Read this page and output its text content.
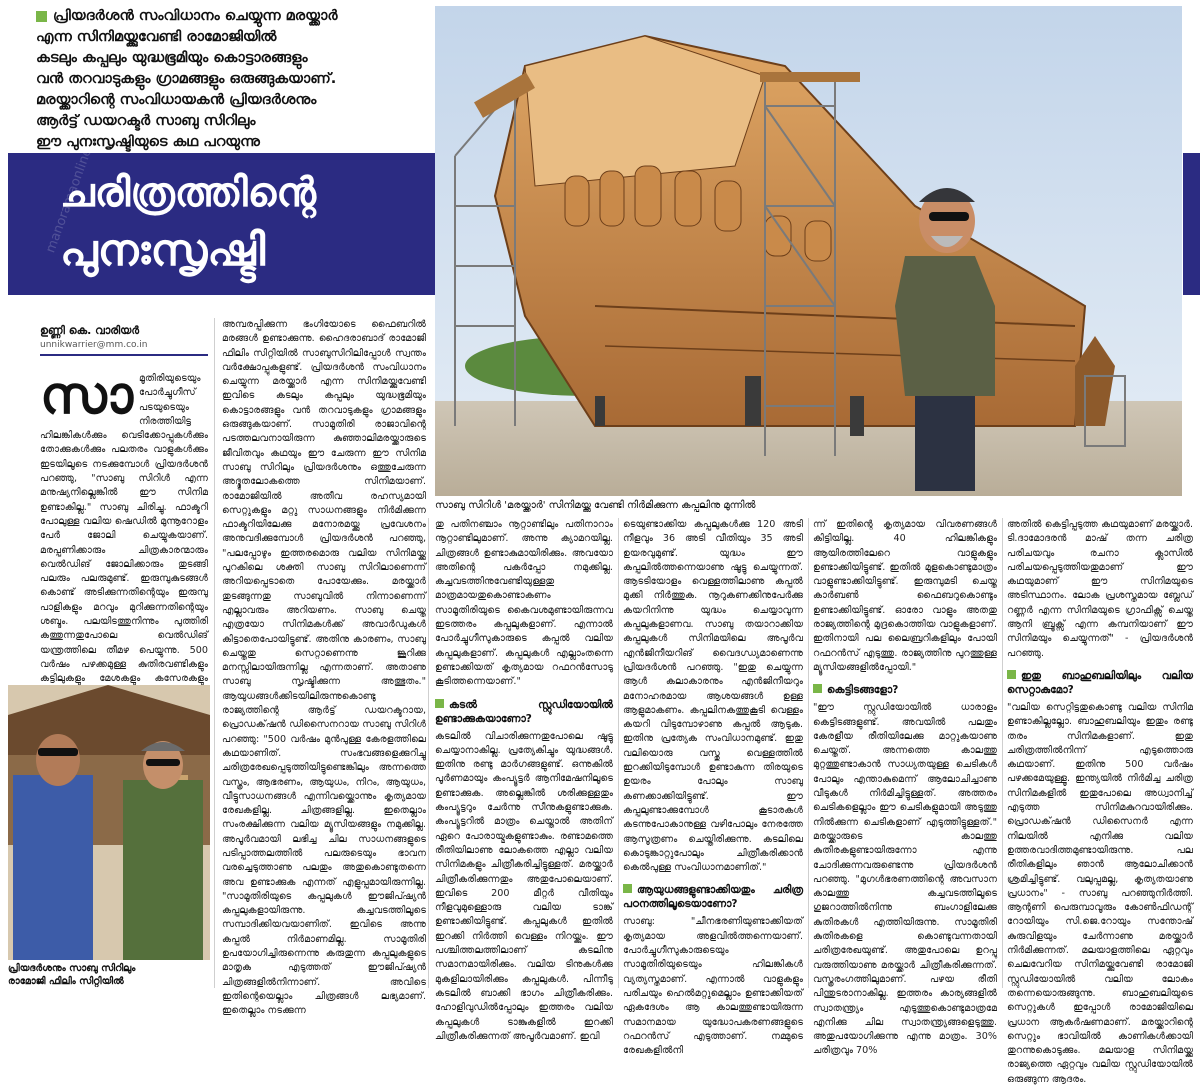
പ്രിയദർശൻ സംവിധാനം ചെയ്യുന്ന മരയ്ക്കാർ
എന്ന സിനിമയ്ക്കുവേണ്ടി രാമോജിയിൽ
കടലും കപ്പലും യുദ്ധഭൂമിയും കൊട്ടാരങ്ങളും
വൻ തറവാടുകളും ഗ്രാമങ്ങളും ഒരുങ്ങുകയാണ്.
മരയ്ക്കാറിന്റെ സംവിധായകൻ പ്രിയദർശനും
ആർട്ട് ഡയറക്ടർ സാബു സിറിലും
ഈ പുനഃസൃഷ്ടിയുടെ കഥ പറയുന്നു
manoramaonline
ചരിത്രത്തിന്റെ
പുനഃസൃഷ്ടി
സാബു സിറിൾ 'മരയ്ക്കാർ' സിനിമയ്ക്കു വേണ്ടി നിർമിക്കുന്ന കപ്പലിനു മുന്നിൽ
ഉണ്ണി കെ. വാരിയർ
unnikwarrier@mm.co.in
സാ മൂതിരിയുടെയും പോർച്ചുഗീസ് പടയുടെയും നിരത്തിയിട്ട ഹിലങ്കികൾക്കും വെടിക്കോപ്പുകൾക്കും തോക്കുകൾക്കും പലതരം വാളുകൾക്കും ഇടയിലൂടെ നടക്കുമ്പോൾ പ്രിയദർശൻ പറഞ്ഞു, "സാബു സിറിൾ എന്ന മനുഷ്യനില്ലെങ്കിൽ ഈ സിനിമ ഉണ്ടാകില്ല." സാബു ചിരിച്ചു. ഫാക്ടറി പോലുള്ള വലിയ ഷെഡിൽ മുന്നൂറോളം പേർ ജോലി ചെയ്യുകയാണ്. മരപ്പണിക്കാരും ചിത്രകാരന്മാരും വെൽഡിങ് ജോലിക്കാരും തുടങ്ങി പലരും പലരുമുണ്ട്. ഇരുമ്പുകുടങ്ങൾ കൊണ്ട് അടിക്കുന്നതിന്റെയും ഇരുമ്പു പാളികളും മറവും മുറിക്കുന്നതിന്റെയും ശബ്ദം. പലയിടത്തുനിന്നും പുത്തിരി കത്തുന്നതുപോലെ വെൽഡിങ് യന്ത്രത്തിലെ തീമഴ പെയ്യുന്നു. 500 വർഷം പഴക്കമുള്ള കുതിരവണ്ടികളും കട്ടിലുകളും മേശകളും കസേരകളും
പ്രിയദർശനും സാബു സിറിലും
രാമോജി ഫിലിം സിറ്റിയിൽ
അമ്പരപ്പിക്കുന്ന ഭംഗിയോടെ ഫൈബറിൽ മരങ്ങൾ ഉണ്ടാക്കുന്നു. ഹൈദരാബാദ് രാമോജി ഫിലിം സിറ്റിയിൽ സാബുസിറിലിപ്പോൾ സ്വന്തം വർക്ഷോപ്പുകളുണ്ട്. പ്രിയദർശൻ സംവിധാനം ചെയ്യുന്ന മരയ്ക്കാർ എന്ന സിനിമയ്ക്കുവേണ്ടി ഇവിടെ കടലും കപ്പലും യുദ്ധഭൂമിയും കൊട്ടാരങ്ങളും വൻ തറവാടുകളും ഗ്രാമങ്ങളും ഒരുങ്ങുകയാണ്. സാമൂതിരി രാജാവിന്റെ പടത്തലവനായിരുന്ന കുഞ്ഞാലിമരയ്ക്കാരുടെ ജീവിതവും കഥയും ഈ ചേരുന്ന ഈ സിനിമ സാബു സിറിലും പ്രിയദർശനും ഒത്തുചേരുന്ന അദ്ഭുതലോകത്തെ സിനിമയാണ്. രാമോജിയിൽ അതീവ രഹസ്യമായി സെറ്റുകളും മറ്റു സാധനങ്ങളും നിർമിക്കുന്ന ഫാക്ടറിയിലേക്കു മനോരമയ്ക്കു പ്രവേശനം അനുവദിക്കുമ്പോൾ പ്രിയദർശൻ പറഞ്ഞു, "പലപ്പോഴും ഇത്തരമൊരു വലിയ സിനിമയ്ക്കു പുറകിലെ ശക്തി സാബു സിറിലാണെന്ന് അറിയപ്പെടാതെ പോയേക്കും. മരയ്ക്കാർ തുടങ്ങുന്നതു സാബുവിൽ നിന്നാണെന്ന് എല്ലാവരും അറിയണം. സാബു ചെയ്ത എത്രയോ സിനിമകൾക്ക് അവാർഡുകൾ കിട്ടാതെപോയിട്ടുണ്ട്. അതിനു കാരണം, സാബു ചെയ്തതു സെറ്റാണെന്നു ജൂറിക്കു മനസ്സിലായിരുന്നില്ല എന്നതാണ്. അതാണു സാബു സൃഷ്ടിക്കുന്ന അത്ഭുതം." ആയുധങ്ങൾക്കിടയിലിരുന്നുകൊണ്ടു രാജ്യത്തിന്റെ ആർട്ട് ഡയറക്ടറായ, പ്രൊഡക്‌ഷൻ ഡിസൈനറായ സാബു സിറിൾ പറഞ്ഞു: "500 വർഷം മുൻപുള്ള കേരളത്തിലെ കഥയാണിത്. സംഭവങ്ങളെക്കുറിച്ചു ചരിത്രരേഖപ്പെടുത്തിയിട്ടുണ്ടെങ്കിലും അന്നത്തെ വസ്ത്രം, ആഭരണം, ആയുധം, നിറം, ആയുധം, വീട്ടുസാധനങ്ങൾ എന്നിവയ്ക്കൊന്നും കൃത്യമായ രേഖകളില്ല. ചിത്രങ്ങളില്ല. ഇതെല്ലാം സംരക്ഷിക്കുന്ന വലിയ മ്യൂസിയങ്ങളും നമുക്കില്ല. അപൂർവമായി ലഭിച്ച ചില സാധനങ്ങളുടെ പടിപ്പാത്തലത്തിൽ പലരുടെയും ഭാവന വരച്ചെടുത്താണു പലതും അതുകൊണ്ടുതന്നെ അവ ഉണ്ടാക്കുക എന്നത് എളുപ്പമായിരുന്നില്ല. "സാമൂതിരിയുടെ കപ്പലുകൾ ഈജിപ്ഷ്യൻ കപ്പലുകളായിരുന്നു. കച്ചവടത്തിലൂടെ സമ്പാദിക്കിയവയാണിത്. ഇവിടെ അന്നു കപ്പൽ നിർമാണമില്ല. സാമൂതിരി ഉപയോഗിച്ചിരുന്നെന്നു കരുതുന്ന കപ്പലുകളുടെ മാതൃക എടുത്തത് ഈജിപ്ഷ്യൻ ചിത്രങ്ങളിൽനിന്നാണ്. അവിടെ ഇതിന്റെയെല്ലാം ചിത്രങ്ങൾ ലഭ്യമാണ്. ഇതെല്ലാം നടക്കുന്ന
തു പതിനഞ്ചാം നൂറ്റാണ്ടിലും പതിനാറാം നൂറ്റാണ്ടിലുമാണ്. അന്നു ക്യാമറയില്ല. ചിത്രങ്ങൾ ഉണ്ടാകുമായിരിക്കും. അവയോ അതിന്റെ പകർപ്പോ നമുക്കില്ല. കച്ചവടത്തിനുവേണ്ടിയുള്ളതു മാത്രമായതുകൊണ്ടാകണം സാമൂതിരിയുടെ കൈവശമുണ്ടായിരുന്നവ ഇടത്തരം കപ്പലുകളാണ്. എന്നാൽ പോർച്ചുഗീസുകാരുടെ കപ്പൽ വലിയ കപ്പലുകളാണ്. കപ്പലുകൾ എല്ലാംതന്നെ ഉണ്ടാക്കിയത് കൃത്യമായ റഫറൻസോടു കൂടിത്തന്നെയാണ്."
കടൽ സ്റ്റുഡിയോയിൽ ഉണ്ടാക്കുകയാണോ?
കടലിൽ വിചാരിക്കുന്നതുപോലെ ഷൂട്ടു ചെയ്യാനാകില്ല. പ്രത്യേകിച്ചും യുദ്ധങ്ങൾ. ഇതിനു രണ്ടു മാർഗങ്ങളുണ്ട്. ഒന്നുകിൽ പൂർണമായും കംപ്യൂട്ടർ ആനിമേഷനിലൂടെ ഉണ്ടാക്കുക. അല്ലെങ്കിൽ ശരിക്കുള്ളതും കംപ്യൂട്ടറും ചേർന്നു സീനുകളുണ്ടാക്കുക. കംപ്യൂട്ടറിൽ മാത്രം ചെയ്താൽ അതിന് ഏറെ പോരായ്മകളുണ്ടാകും. രണ്ടാമത്തെ രീതിയിലാണു ലോകത്തെ എല്ലാ വലിയ സിനിമകളും ചിത്രീകരിച്ചിട്ടുള്ളത്. മരയ്ക്കാർ ചിത്രീകരിക്കുന്നതും അതുപോലെയാണ്. ഇവിടെ 200 മീറ്റർ വീതിയും നീളവുമുള്ളൊരു വലിയ ടാങ്ക് ഉണ്ടാക്കിയിട്ടുണ്ട്. കപ്പലുകൾ ഇതിൽ ഇറക്കി നിർത്തി വെള്ളം നിറയ്ക്കും. ഈ പശ്ചിത്തലത്തിലാണ് കടലിനു സമാനമായിരിക്കും. വലിയ ടിനുകൾക്കു മുകളിലായിരിക്കും കപ്പലുകൾ. പിന്നീടു കടലിൽ ബാക്കി ഭാഗം ചിത്രീകരിക്കും. ഹോളിവുഡിൽപ്പോലും ഇത്തരം വലിയ കപ്പലുകൾ ടാങ്കുകളിൽ ഇറക്കി ചിത്രീകരിക്കുന്നത് അപൂർവമാണ്. ഇവി
ടെയുണ്ടാക്കിയ കപ്പലുകൾക്കു 120 അടി നീളവും 36 അടി വീതിയും 35 അടി ഉയരവുമുണ്ട്. യുദ്ധം ഈ കപ്പലിൽത്തന്നെയാണു ഷൂട്ടു ചെയ്യുന്നത്. ആടടിയോളം വെള്ളത്തിലാണു കപ്പൽ മുക്കി നിർത്തുക. നൂറുകണക്കിനുപേർക്കു കയറിനിന്നു യുദ്ധം ചെയ്യാവുന്ന കപ്പലുകളാണവ. സാബു തയാറാക്കിയ കപ്പലുകൾ സിനിമയിലെ അപൂർവ എൻജിനീയറിങ് വൈദഗ്ധ്യമാണെന്നു പ്രിയദർശൻ പറഞ്ഞു. "ഇതു ചെയ്യുന്ന ആൾ കലാകാരനും എൻജിനീയറും മനോഹരമായ ആശയങ്ങൾ ഉള്ള ആളുമാകണം. കപ്പലിനകത്തുകൂടി വെള്ളം കയറി വിടുമ്പോഴാണു കപ്പൽ ആടുക. ഇതിനു പ്രത്യേക സംവിധാനമുണ്ട്. ഇതു വലിയൊരു വസ്തു വെള്ളത്തിൽ ഇറക്കിയിടുമ്പോൾ ഉണ്ടാകുന്ന തിരയുടെ ഉയരം പോലും സാബു കണക്കാക്കിയിട്ടുണ്ട്. ഈ കപ്പലുണ്ടാക്കുമ്പോൾ കൂടാരകൾ കടന്നുപോകാനുള്ള വഴിപോലും നേരത്തേ ആസൂത്രണം ചെയ്തിരിക്കുന്നു. കടലിലെ കൊടുങ്കാറ്റുപോലും ചിത്രീകരിക്കാൻ കെൽപുള്ള സംവിധാനമാണിത്."
ആയുധങ്ങളുണ്ടാക്കിയതും ചരിത്ര പഠനത്തിലൂടെയാണോ?
സാബു: "ചീനഭരണിയുണ്ടാക്കിയത് കൃത്യമായ അളവിൽത്തന്നെയാണ്. പോർച്ചുഗീസുകാരുടെയും സാമൂതിരിയുടെയും ഹിലങ്കികൾ വ്യത്യസ്തമാണ്. എന്നാൽ വാളുകളും പരിചയും ഹെൽമറ്റുമെല്ലാം ഉണ്ടാക്കിയത് ഏകദേശം ആ കാലത്തുണ്ടായിരുന്ന സമാനമായ യുദ്ധോപകരണങ്ങളുടെ റഫറൻസ് എടുത്താണ്. നമ്മുടെ രേഖകളിൽനി
ന്ന് ഇതിന്റെ കൃത്യമായ വിവരണങ്ങൾ കിട്ടിയില്ല. 40 ഹിലങ്കികളും ആയിരത്തിലേറെ വാളുകളും ഉണ്ടാക്കിയിട്ടുണ്ട്. ഇതിൽ മുളകൊണ്ടുമാത്രം വാളുണ്ടാക്കിയിട്ടുണ്ട്. ഇരുമ്പുമടി ചെയ്ത കാർബൺ ഫൈബറുകൊണ്ടും ഉണ്ടാക്കിയിട്ടുണ്ട്. ഓരോ വാളും അതതു രാജ്യത്തിന്റെ മുദ്രകൊത്തിയ വാളുകളാണ്. ഇതിനായി പല ലൈബ്രറികളിലും പോയി റഫറൻസ് എടുത്തു. രാജ്യത്തിനു പുറത്തുള്ള മ്യൂസിയങ്ങളിൽപ്പോയി."
കെട്ടിടങ്ങളോ?
"ഈ സ്റ്റുഡിയോയിൽ ധാരാളം കെട്ടിടങ്ങളുണ്ട്. അവയിൽ പലതും കേരളീയ രീതിയിലേക്കു മാറ്റുകയാണു ചെയ്തത്. അന്നത്തെ കാലത്തു മുറ്റത്തുണ്ടാകാൻ സാധ്യതയുള്ള ചെടികൾ പോലും എന്താകുമെന്ന് ആലോചിച്ചാണു വീടുകൾ നിർമിച്ചിട്ടുള്ളത്. അത്തരം ചെടികളെല്ലാം ഈ ചെടികളുമായി അടുത്തു നിൽക്കുന്ന ചെടികളാണ് എടുത്തിട്ടുള്ളത്." മരയ്ക്കാരുടെ കാലത്തു കുതിരകളുണ്ടായിരുന്നോ എന്നു ചോദിക്കുന്നവരുണ്ടെന്നു പ്രിയദർശൻ പറഞ്ഞു. "മുഗൾഭരണത്തിന്റെ അവസാന കാലത്തു കച്ചവടത്തിലൂടെ ഗുജറാത്തിൽനിന്നു ബംഗാളിലേക്കു കുതിരകൾ എത്തിയിരുന്നു. സാമൂതിരി കുതിരകളെ കൊണ്ടുവന്നതായി ചരിത്രരേഖയുണ്ട്. അതുപോലെ ഉറപ്പു വരുത്തിയാണു മരയ്ക്കാർ ചിത്രീകരിക്കുന്നത്. വസ്ത്രരംഗത്തിലുമാണ്. പഴയ രീതി പിന്തുടരാനാകില്ല. ഇത്തരം കാര്യങ്ങളിൽ സ്വാതന്ത്ര്യം എടുത്തുകൊണ്ടുമാത്രമേ എനിക്കു ചില സ്വാതന്ത്ര്യങ്ങളെടുത്തു. അതുപയോഗിക്കുന്നു എന്നു മാത്രം. 30% ചരിത്രവും 70%
അതിൽ കെട്ടിപ്പടുത്ത കഥയുമാണ് മരയ്ക്കാർ. ടി.ദാമോദരൻ മാഷ് തന്ന ചരിത്ര പരിചയവും രചനാ ക്ലാസിൽ പരിചയപ്പെടുത്തിയതുമാണ് ഈ കഥയുമാണ് ഈ സിനിമയുടെ അടിസ്ഥാനം. ലോക പ്രശസ്തമായ ബ്ലേഡ് റണ്ണർ എന്ന സിനിമയുടെ ഗ്രാഫിക്സ് ചെയ്ത ആനി ബ്രൂക്സ് എന്ന കമ്പനിയാണ് ഈ സിനിമയും ചെയ്യുന്നത്" - പ്രിയദർശൻ പറഞ്ഞു.
ഇതു ബാഹുബലിയിലും വലിയ സെറ്റാകുമോ?
"വലിയ സെറ്റിട്ടതുകൊണ്ടു വലിയ സിനിമ ഉണ്ടാകില്ലല്ലോ. ബാഹുബലിയും ഇതും രണ്ടു തരം സിനിമകളാണ്. ഇതു ചരിത്രത്തിൽനിന്ന് എടുത്തൊരു കഥയാണ്. ഇതിനു 500 വർഷം പഴക്കമേയുള്ളൂ. ഇന്ത്യയിൽ നിർമിച്ച ചരിത്ര സിനിമകളിൽ ഇതുപോലെ അധ്വാനിച്ച് എടുത്ത സിനിമകുറവായിരിക്കും. പ്രൊഡക്‌ഷൻ ഡിസൈനർ എന്ന നിലയിൽ എനിക്കു വലിയ ഉത്തരവാദിത്തമുണ്ടായിരുന്നു. പല രീതികളിലും ഞാൻ ആലോചിക്കാൻ ശ്രമിച്ചിട്ടുണ്ട്. വലുപ്പമല്ല, കൃത്യതയാണു പ്രധാനം" - സാബു പറഞ്ഞുനിർത്തി. ആന്റണി പെരുമ്പാവൂരും കോൺഫിഡന്റ് റോയിയും സി.ജെ.റോയും സന്തോഷ് കുരുവിളയും ചേർന്നാണു മരയ്ക്കാർ നിർമിക്കുന്നത്. മലയാളത്തിലെ ഏറ്റവും ചെലവേറിയ സിനിമയ്ക്കുവേണ്ടി രാമോജി സ്റ്റുഡിയോയിൽ വലിയ ലോകം തന്നെയൊരുങ്ങുന്നു. ബാഹുബലിയുടെ സെറ്റുകൾ ഇപ്പോൾ രാമോജിയിലെ പ്രധാന ആകർഷണമാണ്. മരയ്ക്കാറിന്റെ സെറ്റും ഭാവിയിൽ കാണികൾക്കായി തുറന്നുകൊടുക്കും. മലയാള സിനിമയ്ക്കു രാജ്യത്തെ ഏറ്റവും വലിയ സ്റ്റുഡിയോയിൽ ഒരുങ്ങുന്ന ആദരം.
